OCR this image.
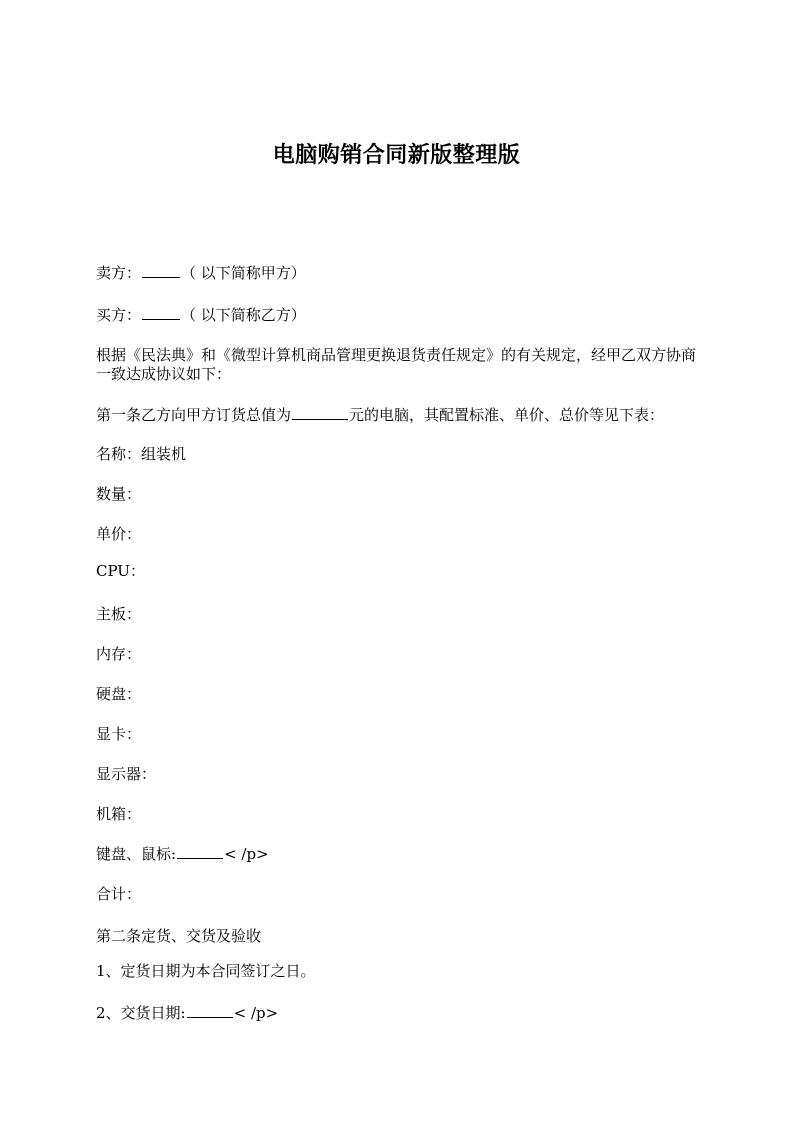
电脑购销合同新版整理版
卖方：	（ 以下简称甲方）
买方：	（ 以下简称乙方）
根据《民法典》和《微型计算机商品管理更换退货责任规定》的有关规定，经甲乙双方协商一致达成协议如下：
第一条乙方向甲方订货总值为	元的电脑，其配置标准、单价、总价等见下表：
名称：组装机
数量：
单价：
CPU：
主板：
内存：
硬盘：
显卡：
显示器：
机箱：
键盘、鼠标:	< /p>
合计：
第二条定货、交货及验收
1、定货日期为本合同签订之日。
2、交货日期:	< /p>
